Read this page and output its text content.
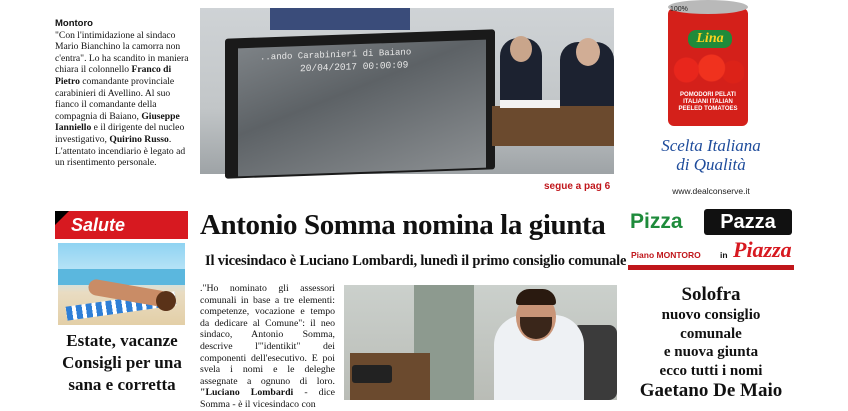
Montoro
"Con l'intimidazione al sindaco Mario Bianchino la camorra non c'entra". Lo ha scandito in maniera chiara il colonnello Franco di Pietro comandante provinciale carabinieri di Avellino. Al suo fianco il comandante della compagnia di Baiano, Giuseppe Ianniello e il dirigente del nucleo investigativo, Quirino Russo. L'attentato incendiario è legato ad un risentimento personale.
..ando Carabinieri di Baiano
20/04/2017 00:00:09
segue a pag 6
Salute
Estate, vacanze Consigli per una sana e corretta
Antonio Somma nomina la giunta
Il vicesindaco è Luciano Lombardi, lunedì il primo consiglio comunale
."Ho nominato gli assessori comunali in base a tre elementi: competenze, vocazione e tempo da dedicare al Comune": il neo sindaco, Antonio Somma, descrive l'"identikit" dei componenti dell'esecutivo. E poi svela i nomi e le deleghe assegnate a ognuno di loro. "Luciano Lombardi - dice Somma - è il vicesindaco con
100%
Lina
POMODORI PELATI ITALIANI ITALIAN PEELED TOMATOES
Scelta Italiana
di Qualità
www.dealconserve.it
Pizza	Pazza
Piano MONTORO in Piazza
Solofra
nuovo consiglio
comunale
e nuova giunta
ecco tutti i nomi
Gaetano De Maio
